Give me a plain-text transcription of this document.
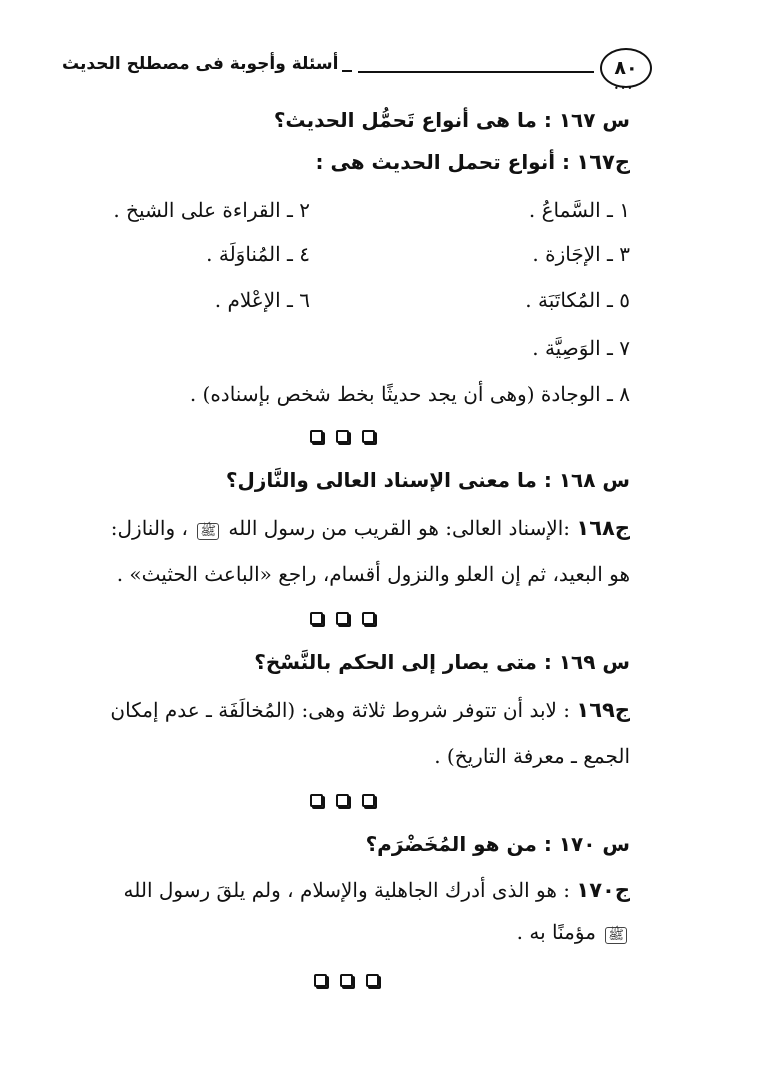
أسئلة وأجوبة فى مصطلح الحديث	٨٠
•••
س ١٦٧ : ما هى أنواع تَحمُّل الحديث؟
ج١٦٧ : أنواع تحمل الحديث هى :
١ ـ السَّماعُ .
٢ ـ القراءة على الشيخ .
٣ ـ الإجَازة .
٤ ـ المُناوَلَة .
٥ ـ المُكاتَبَة .
٦ ـ الإعْلام .
٧ ـ الوَصِيَّة .
٨ ـ الوجادة (وهى أن يجد حديثًا بخط شخص بإسناده) .
س ١٦٨ : ما معنى الإسناد العالى والنَّازل؟
ج١٦٨ :الإسناد العالى: هو القريب من رسول الله ﷺ ، والنازل:
هو البعيد، ثم إن العلو والنزول أقسام، راجع «الباعث الحثيث» .
س ١٦٩ : متى يصار إلى الحكم بالنَّسْخ؟
ج١٦٩ : لابد أن تتوفر شروط ثلاثة وهى: (المُخالَفَة ـ عدم إمكان
الجمع ـ معرفة التاريخ) .
س ١٧٠ : من هو المُخَضْرَم؟
ج١٧٠ : هو الذى أدرك الجاهلية والإسلام ، ولم يلقَ رسول الله
ﷺ مؤمنًا به .
